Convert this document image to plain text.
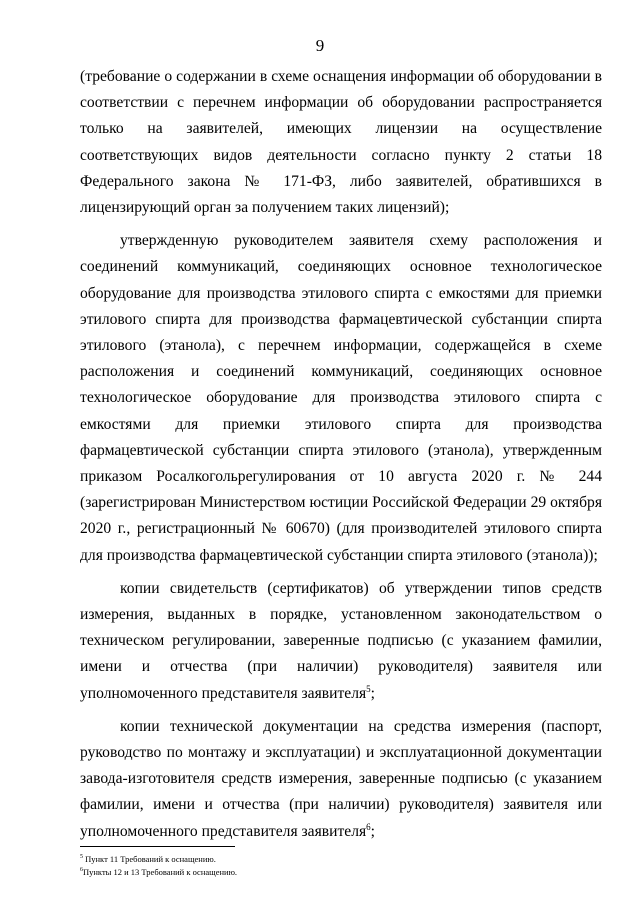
9

(требование о содержании в схеме оснащения информации об оборудовании в соответствии с перечнем информации об оборудовании распространяется только на заявителей, имеющих лицензии на осуществление соответствующих видов деятельности согласно пункту 2 статьи 18 Федерального закона № 171-ФЗ, либо заявителей, обратившихся в лицензирующий орган за получением таких лицензий);

утвержденную руководителем заявителя схему расположения и соединений коммуникаций, соединяющих основное технологическое оборудование для производства этилового спирта с емкостями для приемки этилового спирта для производства фармацевтической субстанции спирта этилового (этанола), с перечнем информации, содержащейся в схеме расположения и соединений коммуникаций, соединяющих основное технологическое оборудование для производства этилового спирта с емкостями для приемки этилового спирта для производства фармацевтической субстанции спирта этилового (этанола), утвержденным приказом Росалкогольрегулирования от 10 августа 2020 г. № 244 (зарегистрирован Министерством юстиции Российской Федерации 29 октября 2020 г., регистрационный № 60670) (для производителей этилового спирта для производства фармацевтической субстанции спирта этилового (этанола));

копии свидетельств (сертификатов) об утверждении типов средств измерения, выданных в порядке, установленном законодательством о техническом регулировании, заверенные подписью (с указанием фамилии, имени и отчества (при наличии) руководителя) заявителя или уполномоченного представителя заявителя$^5$;

копии технической документации на средства измерения (паспорт, руководство по монтажу и эксплуатации) и эксплуатационной документации завода-изготовителя средств измерения, заверенные подписью (с указанием фамилии, имени и отчества (при наличии) руководителя) заявителя или уполномоченного представителя заявителя$^6$;

$^5$ Пункт 11 Требований к оснащению.
$^6$Пункты 12 и 13 Требований к оснащению.
